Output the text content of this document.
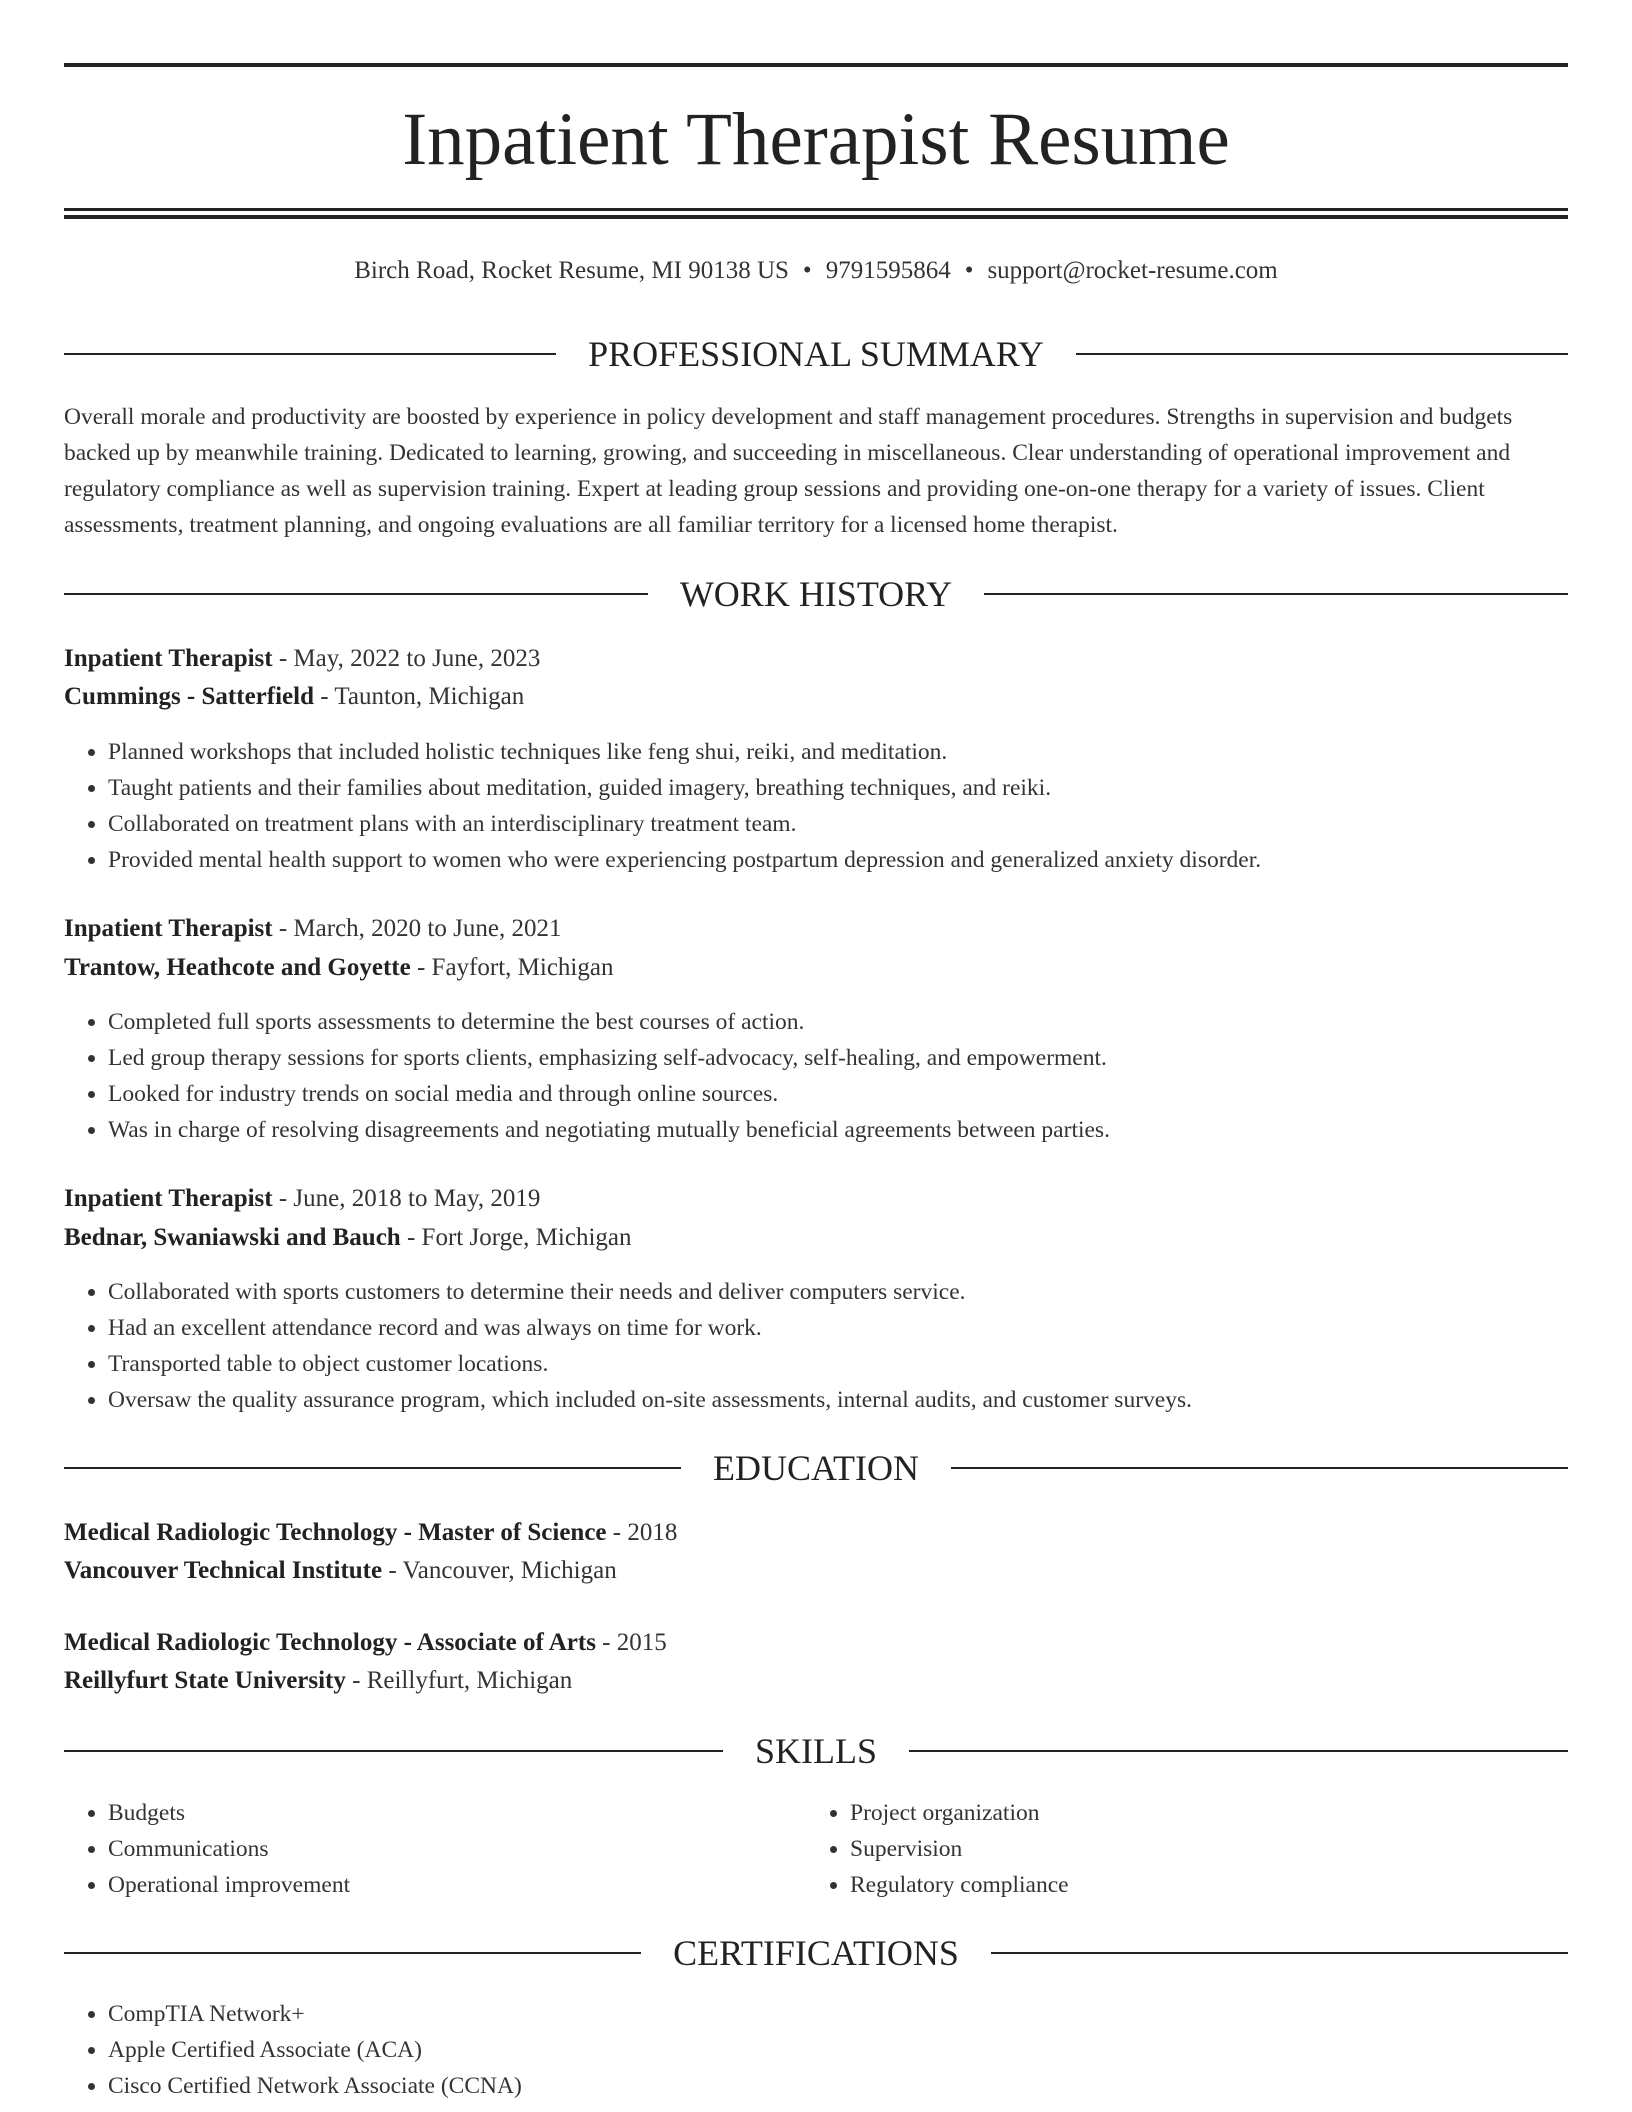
Inpatient Therapist Resume
Birch Road, Rocket Resume, MI 90138 US • 9791595864 • support@rocket-resume.com
PROFESSIONAL SUMMARY

Overall morale and productivity are boosted by experience in policy development and staff management procedures. Strengths in supervision and budgets backed up by meanwhile training. Dedicated to learning, growing, and succeeding in miscellaneous. Clear understanding of operational improvement and regulatory compliance as well as supervision training. Expert at leading group sessions and providing one-on-one therapy for a variety of issues. Client assessments, treatment planning, and ongoing evaluations are all familiar territory for a licensed home therapist.

WORK HISTORY
Inpatient Therapist - May, 2022 to June, 2023
Cummings - Satterfield - Taunton, Michigan
• Planned workshops that included holistic techniques like feng shui, reiki, and meditation.
• Taught patients and their families about meditation, guided imagery, breathing techniques, and reiki.
• Collaborated on treatment plans with an interdisciplinary treatment team.
• Provided mental health support to women who were experiencing postpartum depression and generalized anxiety disorder.
Inpatient Therapist - March, 2020 to June, 2021
Trantow, Heathcote and Goyette - Fayfort, Michigan
• Completed full sports assessments to determine the best courses of action.
• Led group therapy sessions for sports clients, emphasizing self-advocacy, self-healing, and empowerment.
• Looked for industry trends on social media and through online sources.
• Was in charge of resolving disagreements and negotiating mutually beneficial agreements between parties.
Inpatient Therapist - June, 2018 to May, 2019
Bednar, Swaniawski and Bauch - Fort Jorge, Michigan
• Collaborated with sports customers to determine their needs and deliver computers service.
• Had an excellent attendance record and was always on time for work.
• Transported table to object customer locations.
• Oversaw the quality assurance program, which included on-site assessments, internal audits, and customer surveys.
EDUCATION
Medical Radiologic Technology - Master of Science - 2018
Vancouver Technical Institute - Vancouver, Michigan
Medical Radiologic Technology - Associate of Arts - 2015
Reillyfurt State University - Reillyfurt, Michigan
SKILLS
• Budgets
• Communications
• Operational improvement
• Project organization
• Supervision
• Regulatory compliance
CERTIFICATIONS
• CompTIA Network+
• Apple Certified Associate (ACA)
• Cisco Certified Network Associate (CCNA)
